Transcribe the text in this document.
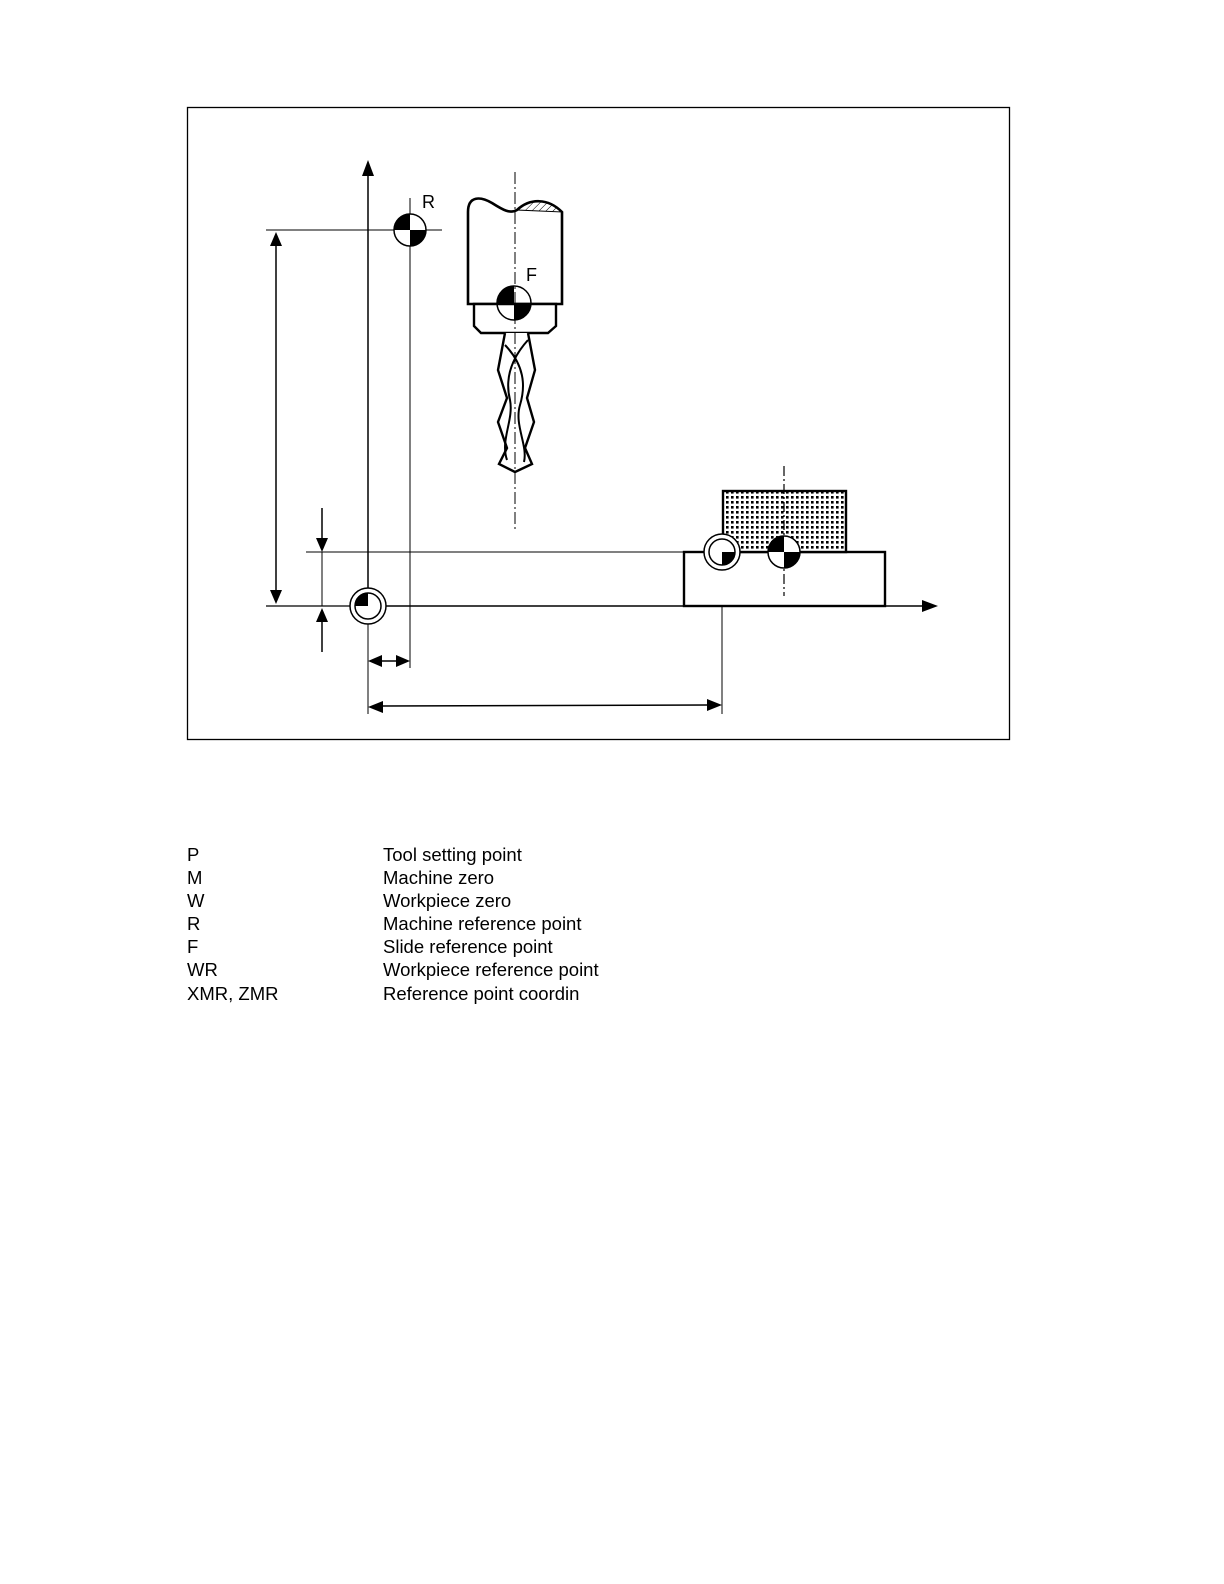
R
F
P	Tool setting point
M	Machine zero
W	Workpiece zero
R	Machine reference point
F	Slide reference point
WR	Workpiece reference point
XMR, ZMR	Reference point coordin
